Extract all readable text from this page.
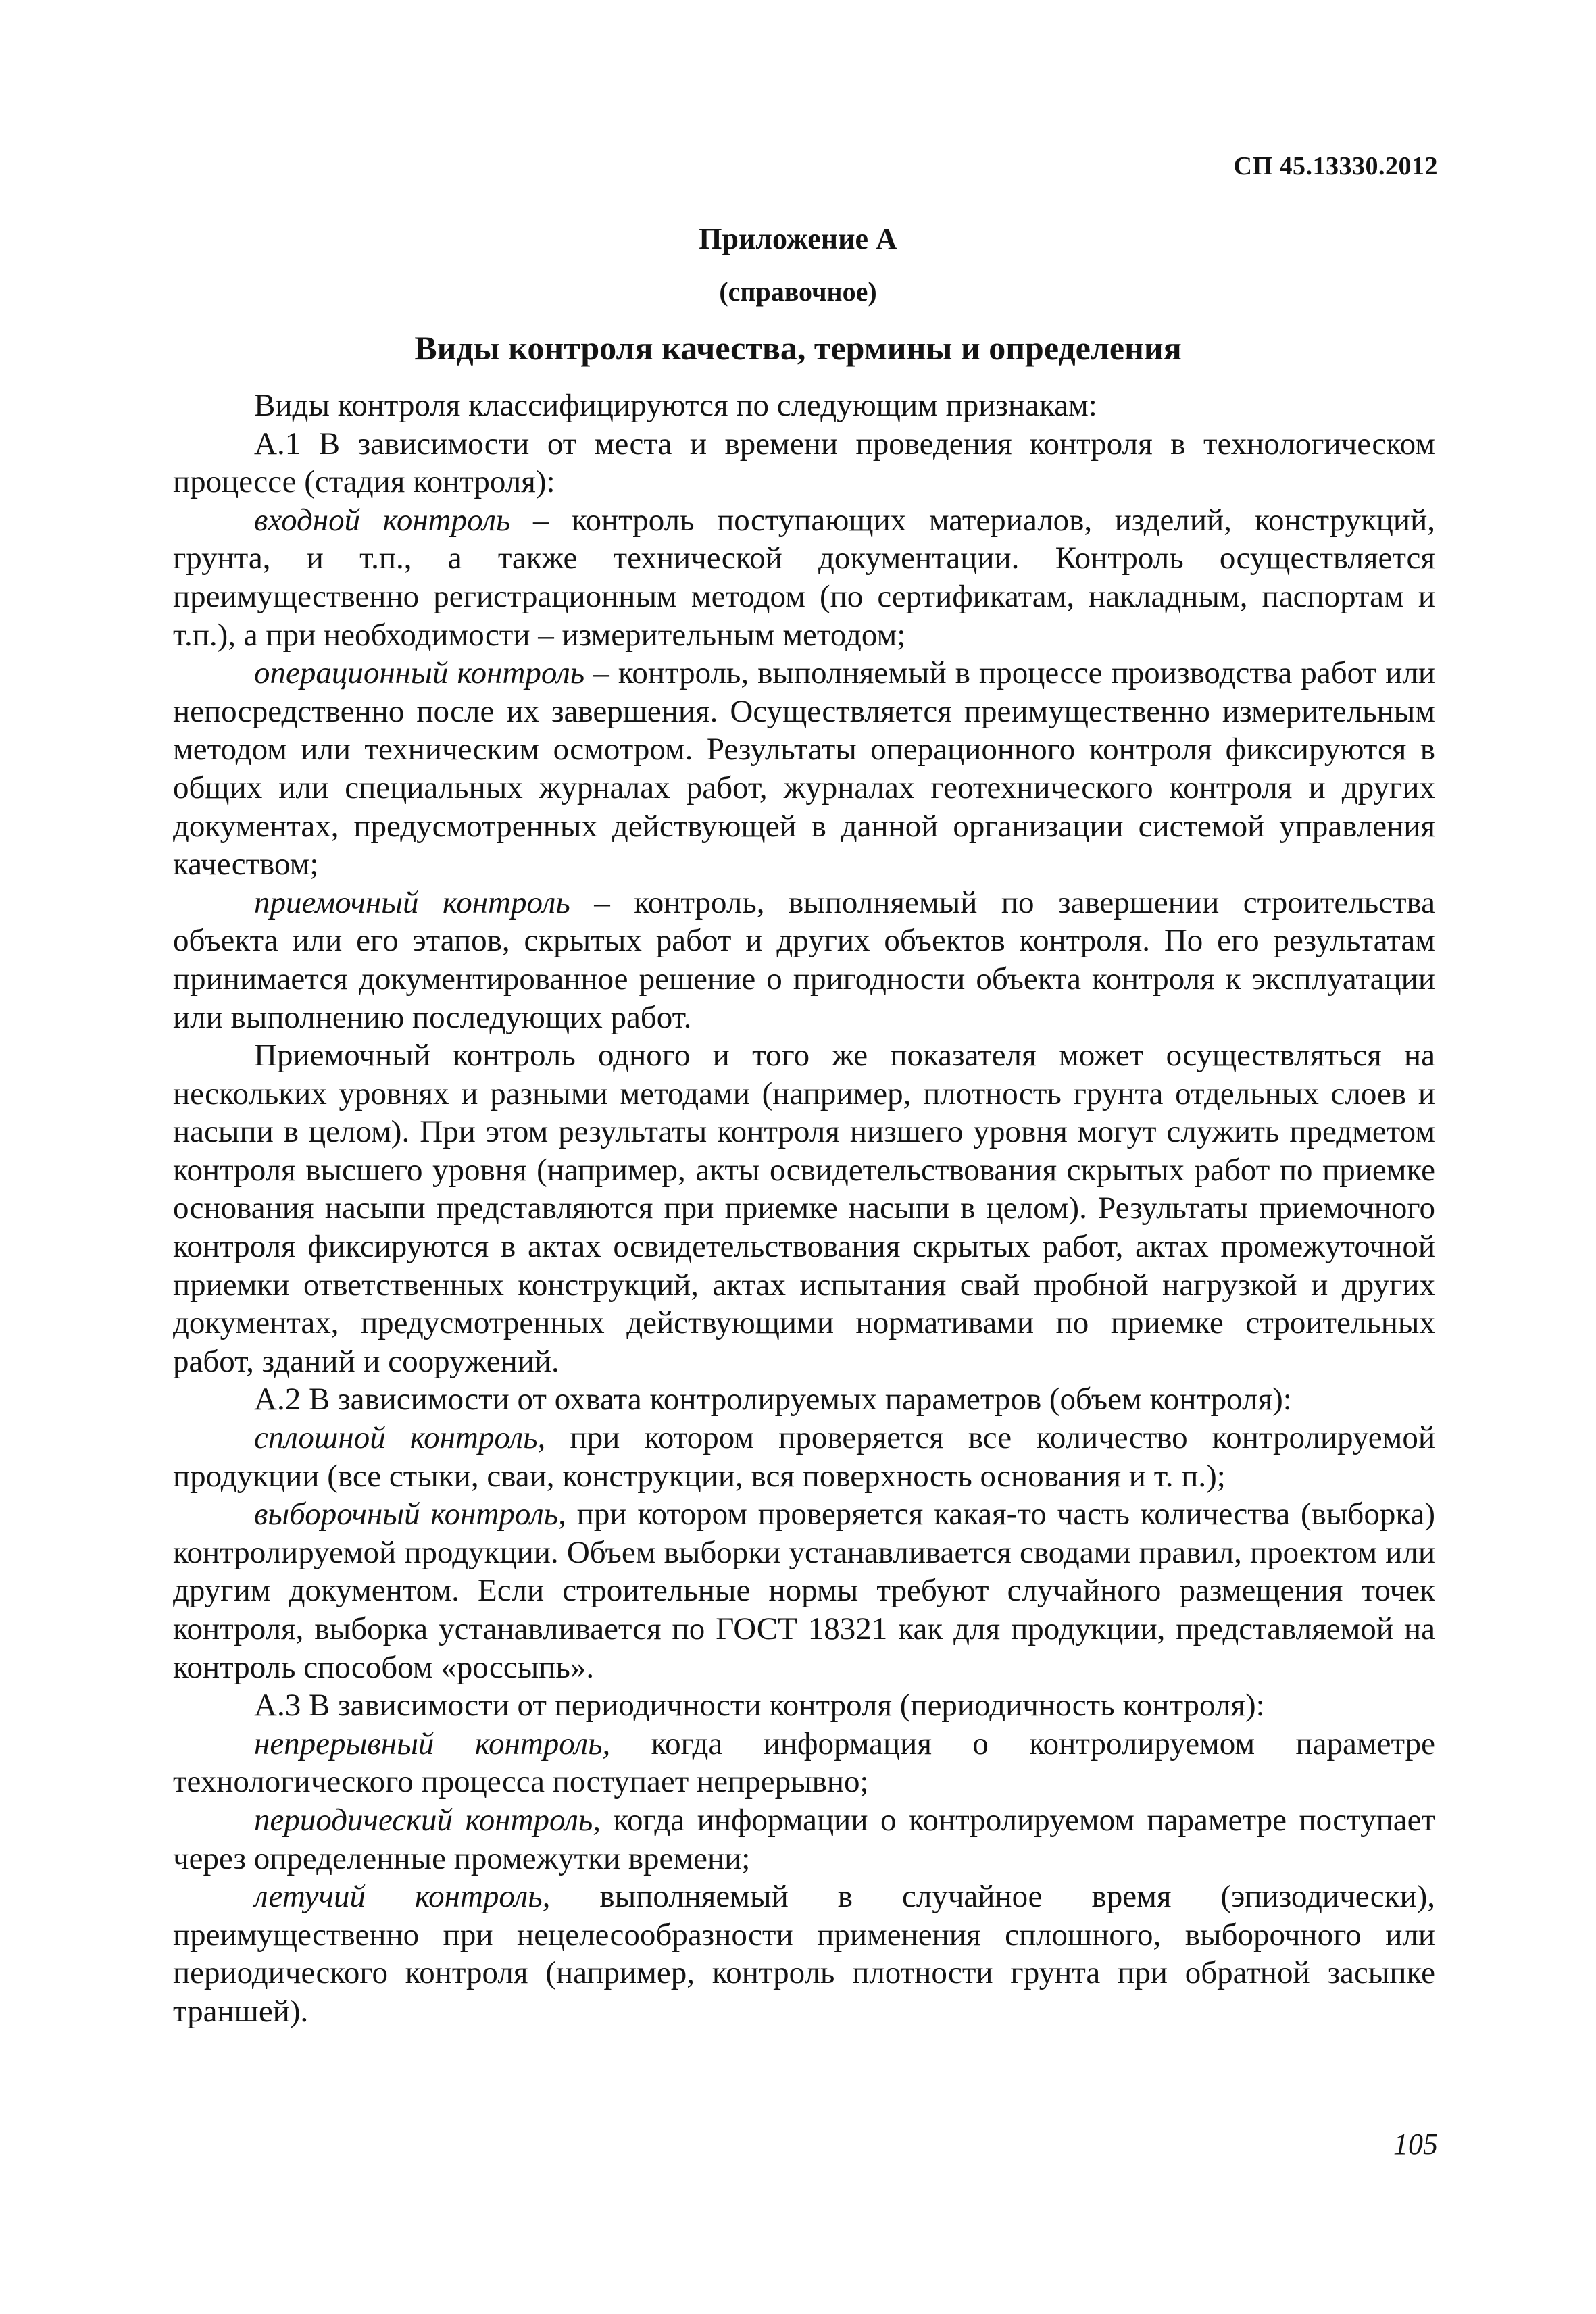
СП 45.13330.2012
Приложение А
(справочное)
Виды контроля качества, термины и определения

Виды контроля классифицируются по следующим признакам:

А.1 В зависимости от места и времени проведения контроля в технологическом процессе (стадия контроля):

входной контроль – контроль поступающих материалов, изделий, конструкций, грунта, и т.п., а также технической документации. Контроль осуществляется преимущественно регистрационным методом (по сертификатам, накладным, паспортам и т.п.), а при необходимости – измерительным методом;

операционный контроль – контроль, выполняемый в процессе производства работ или непосредственно после их завершения. Осуществляется преимущественно измерительным методом или техническим осмотром. Результаты операционного контроля фиксируются в общих или специальных журналах работ, журналах геотехнического контроля и других документах, предусмотренных действующей в данной организации системой управления качеством;

приемочный контроль – контроль, выполняемый по завершении строительства объекта или его этапов, скрытых работ и других объектов контроля. По его результатам принимается документированное решение о пригодности объекта контроля к эксплуатации или выполнению последующих работ.

Приемочный контроль одного и того же показателя может осуществляться на нескольких уровнях и разными методами (например, плотность грунта отдельных слоев и насыпи в целом). При этом результаты контроля низшего уровня могут служить предметом контроля высшего уровня (например, акты освидетельствования скрытых работ по приемке основания насыпи представляются при приемке насыпи в целом). Результаты приемочного контроля фиксируются в актах освидетельствования скрытых работ, актах промежуточной приемки ответственных конструкций, актах испытания свай пробной нагрузкой и других документах, предусмотренных действующими нормативами по приемке строительных работ, зданий и сооружений.

А.2 В зависимости от охвата контролируемых параметров (объем контроля):

сплошной контроль, при котором проверяется все количество контролируемой продукции (все стыки, сваи, конструкции, вся поверхность основания и т. п.);

выборочный контроль, при котором проверяется какая-то часть количества (выборка) контролируемой продукции. Объем выборки устанавливается сводами правил, проектом или другим документом. Если строительные нормы требуют случайного размещения точек контроля, выборка устанавливается по ГОСТ 18321 как для продукции, представляемой на контроль способом «россыпь».

А.3 В зависимости от периодичности контроля (периодичность контроля):

непрерывный контроль, когда информация о контролируемом параметре технологического процесса поступает непрерывно;

периодический контроль, когда информации о контролируемом параметре поступает через определенные промежутки времени;

летучий контроль, выполняемый в случайное время (эпизодически), преимущественно при нецелесообразности применения сплошного, выборочного или периодического контроля (например, контроль плотности грунта при обратной засыпке траншей).

105
